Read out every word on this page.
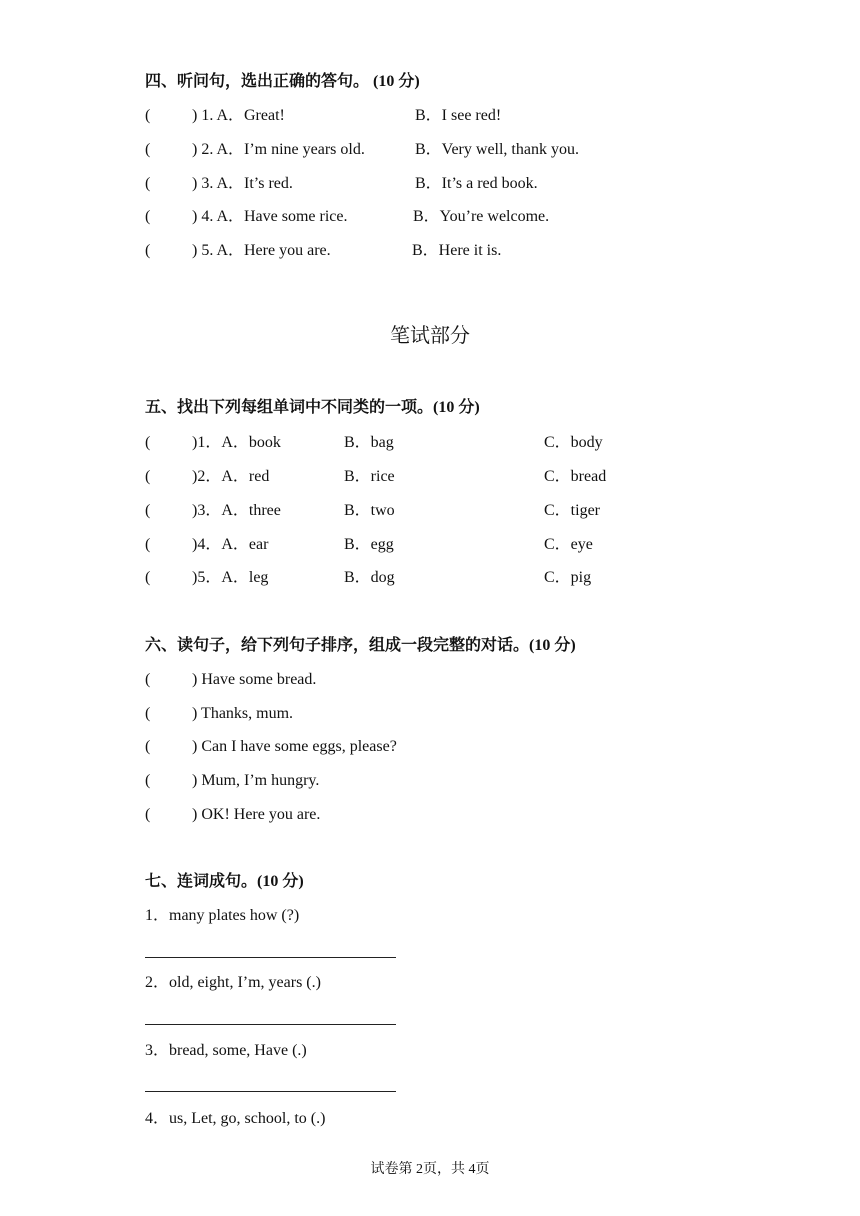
四、听问句，选出正确的答句。 (10 分)
(	) 1. A．Great!	B．I see red!
(	) 2. A．I’m nine years old.	B．Very well, thank you.
(	) 3. A．It’s red.	B．It’s a red book.
(	) 4. A．Have some rice.	B．You’re welcome.
(	) 5. A．Here you are.	B．Here it is.
笔试部分
五、找出下列每组单词中不同类的一项。(10 分)
(	)1．A．book	B．bag	C．body
(	)2．A．red	B．rice	C．bread
(	)3．A．three	B．two	C．tiger
(	)4．A．ear	B．egg	C．eye
(	)5．A．leg	B．dog	C．pig
六、读句子，给下列句子排序，组成一段完整的对话。(10 分)
(	) Have some bread.
(	) Thanks, mum.
(	) Can I have some eggs, please?
(	) Mum, I’m hungry.
(	) OK! Here you are.
七、连词成句。(10 分)
1．many plates how (?)
2．old, eight, I’m, years (.)
3．bread, some, Have (.)
4．us, Let, go, school, to (.)
试卷第 2页，共 4页
